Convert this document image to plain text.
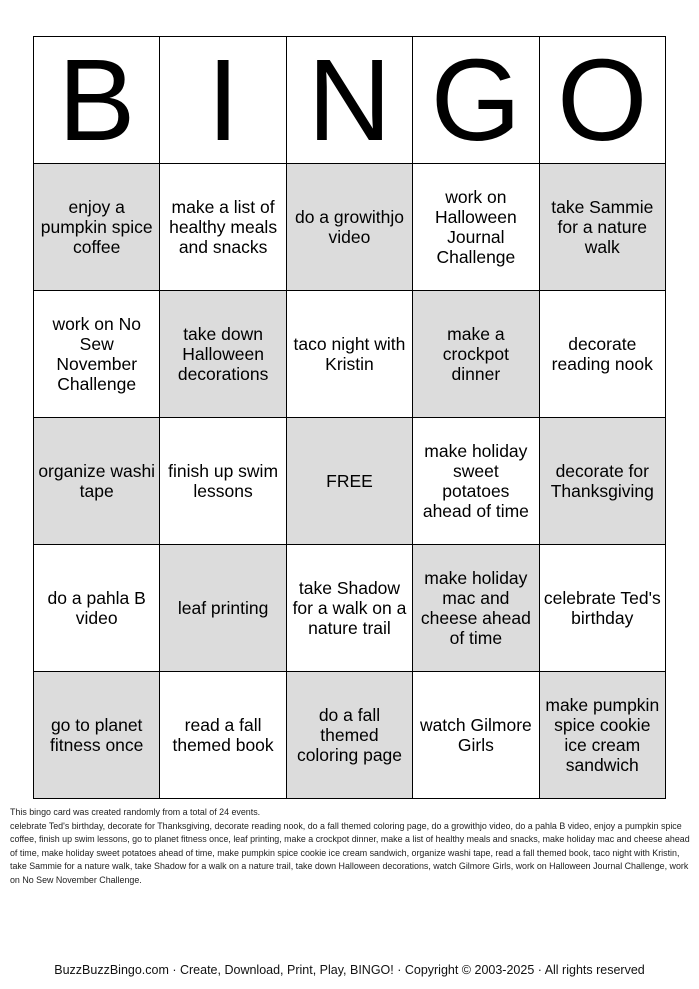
B	I	N	G	O
enjoy a pumpkin spice coffee	make a list of healthy meals and snacks	do a growithjo video	work on Halloween Journal Challenge	take Sammie for a nature walk
work on No Sew November Challenge	take down Halloween decorations	taco night with Kristin	make a crockpot dinner	decorate reading nook
organize washi tape	finish up swim lessons	FREE	make holiday sweet potatoes ahead of time	decorate for Thanksgiving
do a pahla B video	leaf printing	take Shadow for a walk on a nature trail	make holiday mac and cheese ahead of time	celebrate Ted's birthday
go to planet fitness once	read a fall themed book	do a fall themed coloring page	watch Gilmore Girls	make pumpkin spice cookie ice cream sandwich

This bingo card was created randomly from a total of 24 events.

celebrate Ted's birthday, decorate for Thanksgiving, decorate reading nook, do a fall themed coloring page, do a growithjo video, do a pahla B video, enjoy a pumpkin spice coffee, finish up swim lessons, go to planet fitness once, leaf printing, make a crockpot dinner, make a list of healthy meals and snacks, make holiday mac and cheese ahead of time, make holiday sweet potatoes ahead of time, make pumpkin spice cookie ice cream sandwich, organize washi tape, read a fall themed book, taco night with Kristin, take Sammie for a nature walk, take Shadow for a walk on a nature trail, take down Halloween decorations, watch Gilmore Girls, work on Halloween Journal Challenge, work on No Sew November Challenge.

BuzzBuzzBingo.com · Create, Download, Print, Play, BINGO! · Copyright © 2003-2025 · All rights reserved
